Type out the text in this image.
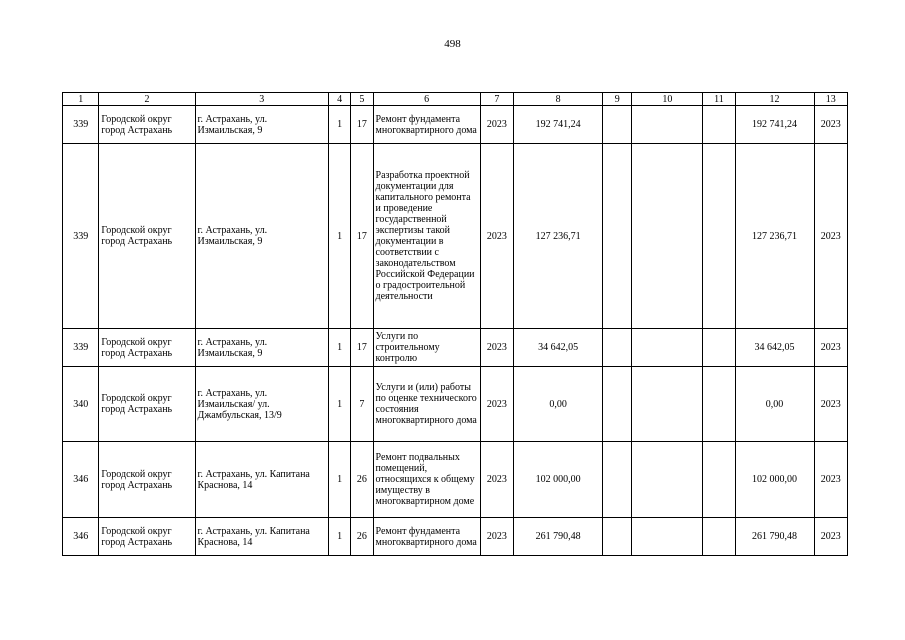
498
1	2	3	4	5	6	7	8	9	10	11	12	13
339	Городской округ город Астрахань	г. Астрахань, ул. Измаильская, 9	1	17	Ремонт фундамента многоквартирного дома	2023	192 741,24				192 741,24	2023
339	Городской округ город Астрахань	г. Астрахань, ул. Измаильская, 9	1	17	Разработка проектной документации для капитального ремонта и проведение государственной экспертизы такой документации в соответствии с законодательством Российской Федерации о градостроительной деятельности	2023	127 236,71				127 236,71	2023
339	Городской округ город Астрахань	г. Астрахань, ул. Измаильская, 9	1	17	Услуги по строительному контролю	2023	34 642,05				34 642,05	2023
340	Городской округ город Астрахань	г. Астрахань, ул. Измаильская/ ул. Джамбульская, 13/9	1	7	Услуги и (или) работы по оценке технического состояния многоквартирного дома	2023	0,00				0,00	2023
346	Городской округ город Астрахань	г. Астрахань, ул. Капитана Краснова, 14	1	26	Ремонт подвальных помещений, относящихся к общему имуществу в многоквартирном доме	2023	102 000,00				102 000,00	2023
346	Городской округ город Астрахань	г. Астрахань, ул. Капитана Краснова, 14	1	26	Ремонт фундамента многоквартирного дома	2023	261 790,48				261 790,48	2023
